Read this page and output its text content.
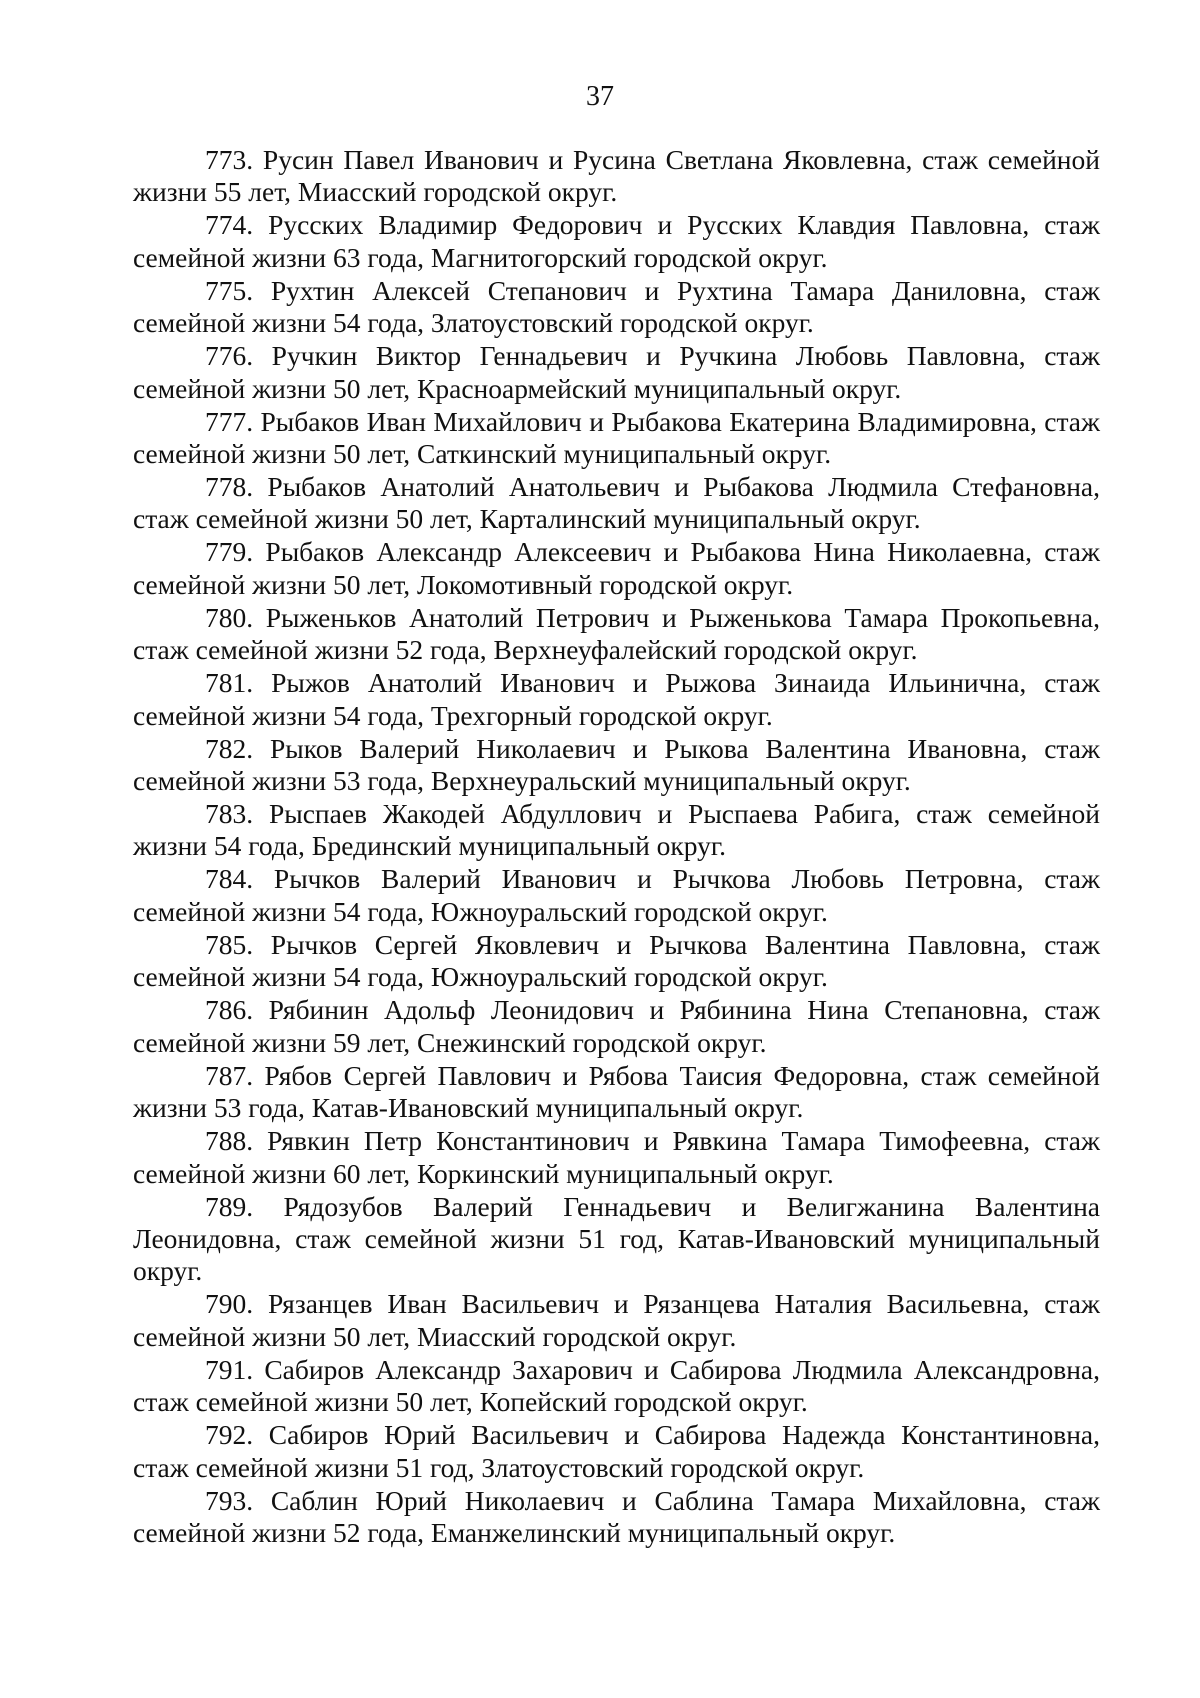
37

773. Русин Павел Иванович и Русина Светлана Яковлевна, стаж семейной жизни 55 лет, Миасский городской округ.

774. Русских Владимир Федорович и Русских Клавдия Павловна, стаж семейной жизни 63 года, Магнитогорский городской округ.

775. Рухтин Алексей Степанович и Рухтина Тамара Даниловна, стаж семейной жизни 54 года, Златоустовский городской округ.

776. Ручкин Виктор Геннадьевич и Ручкина Любовь Павловна, стаж семейной жизни 50 лет, Красноармейский муниципальный округ.

777. Рыбаков Иван Михайлович и Рыбакова Екатерина Владимировна, стаж семейной жизни 50 лет, Саткинский муниципальный округ.

778. Рыбаков Анатолий Анатольевич и Рыбакова Людмила Стефановна, стаж семейной жизни 50 лет, Карталинский муниципальный округ.

779. Рыбаков Александр Алексеевич и Рыбакова Нина Николаевна, стаж семейной жизни 50 лет, Локомотивный городской округ.

780. Рыженьков Анатолий Петрович и Рыженькова Тамара Прокопьевна, стаж семейной жизни 52 года, Верхнеуфалейский городской округ.

781. Рыжов Анатолий Иванович и Рыжова Зинаида Ильинична, стаж семейной жизни 54 года, Трехгорный городской округ.

782. Рыков Валерий Николаевич и Рыкова Валентина Ивановна, стаж семейной жизни 53 года, Верхнеуральский муниципальный округ.

783. Рыспаев Жакодей Абдуллович и Рыспаева Рабига, стаж семейной жизни 54 года, Брединский муниципальный округ.

784. Рычков Валерий Иванович и Рычкова Любовь Петровна, стаж семейной жизни 54 года, Южноуральский городской округ.

785. Рычков Сергей Яковлевич и Рычкова Валентина Павловна, стаж семейной жизни 54 года, Южноуральский городской округ.

786. Рябинин Адольф Леонидович и Рябинина Нина Степановна, стаж семейной жизни 59 лет, Снежинский городской округ.

787. Рябов Сергей Павлович и Рябова Таисия Федоровна, стаж семейной жизни 53 года, Катав-Ивановский муниципальный округ.

788. Рявкин Петр Константинович и Рявкина Тамара Тимофеевна, стаж семейной жизни 60 лет, Коркинский муниципальный округ.

789. Рядозубов Валерий Геннадьевич и Велигжанина Валентина Леонидовна, стаж семейной жизни 51 год, Катав-Ивановский муниципальный округ.

790. Рязанцев Иван Васильевич и Рязанцева Наталия Васильевна, стаж семейной жизни 50 лет, Миасский городской округ.

791. Сабиров Александр Захарович и Сабирова Людмила Александровна, стаж семейной жизни 50 лет, Копейский городской округ.

792. Сабиров Юрий Васильевич и Сабирова Надежда Константиновна, стаж семейной жизни 51 год, Златоустовский городской округ.

793. Саблин Юрий Николаевич и Саблина Тамара Михайловна, стаж семейной жизни 52 года, Еманжелинский муниципальный округ.
